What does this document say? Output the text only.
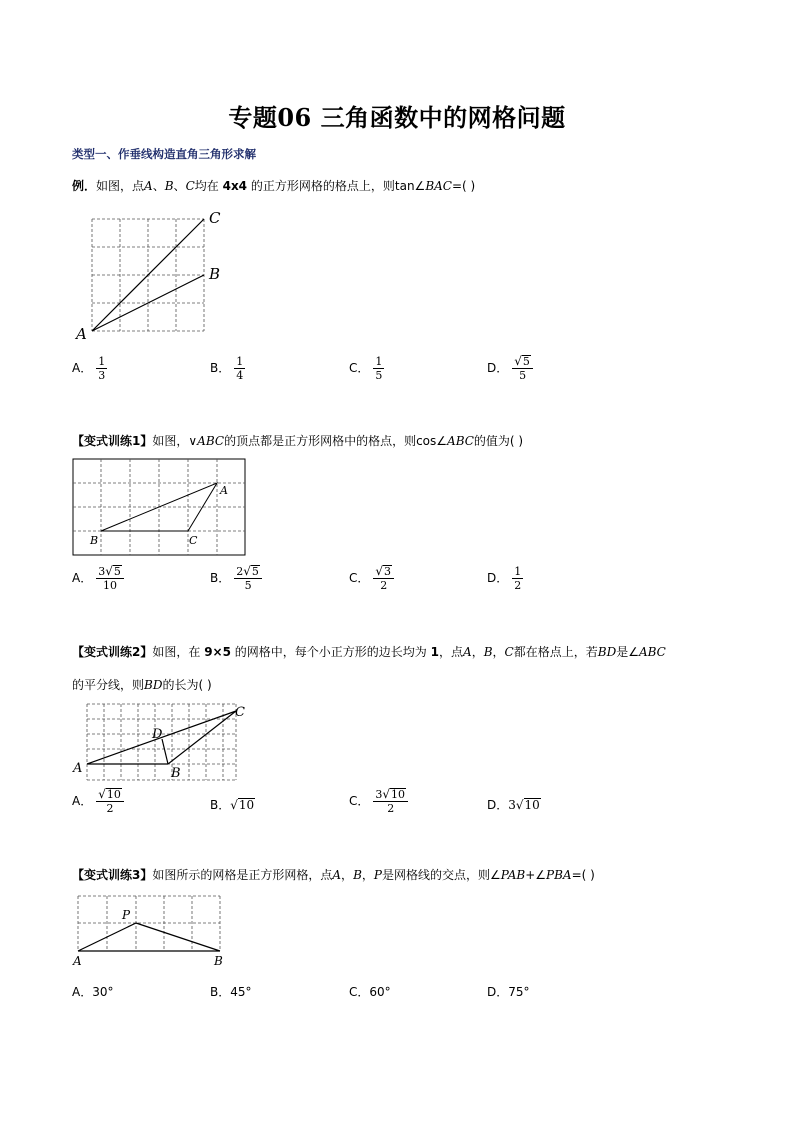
专题06 三角函数中的网格问题
类型一、作垂线构造直角三角形求解
例．如图，点A、B、C均在 4x4 的正方形网格的格点上，则tan∠BAC=( )
A
C
B
A． $\frac{1}{3}$	B． $\frac{1}{4}$	C． $\frac{1}{5}$	D． $\frac{√ 5}{5}$
【变式训练1】如图，∨ABC的顶点都是正方形网格中的格点，则cos∠ABC的值为( )
A
B	C
A． $\frac{3 √ 5}{10}$	B． $\frac{2 √ 5}{5}$	C． $\frac{√ 3}{2}$	D． $\frac{1}{2}$
【变式训练2】如图，在 9×5 的网格中，每个小正方形的边长均为 1，点A，B，C都在格点上，若BD是∠ABC
的平分线，则BD的长为( )
A	B
C
D
A． $\frac{√ 10}{2}$	B． √ 10	C． $\frac{3 √ 10}{2}$	D．3 √ 10
【变式训练3】如图所示的网格是正方形网格，点A，B，P是网格线的交点，则∠PAB+∠PBA=( )
A	B
P
A．30°	B．45°	C．60°	D．75°
